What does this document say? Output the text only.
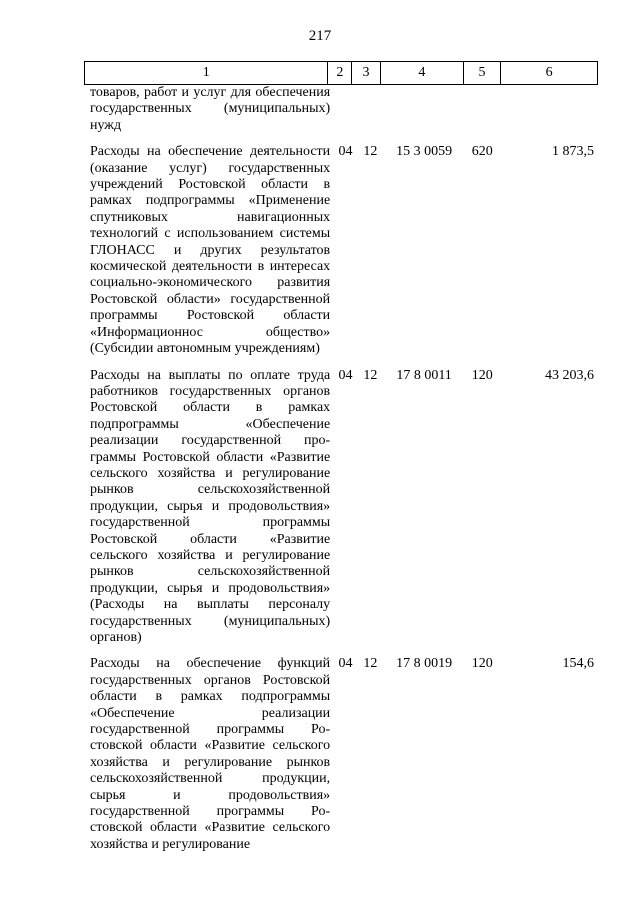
217
1	2	3	4	5	6
товаров, работ и услуг для обеспечения государственных (муниципальных) нужд					

Расходы на обеспечение деятельности (оказание услуг) государственных учреждений Ростовской области в рамках подпрограммы «Применение спутниковых навигационных технологий с использованием системы ГЛОНАСС и других результатов космической деятельности в интересах социально-экономического развития Ростовской области» государственной программы Ростовской области «Информационнос общество» (Субсидии автономным учреждениям)	04	12	15 3 0059	620	1 873,5

Расходы на выплаты по оплате труда работников государственных органов Ростовской области в рамках подпрограммы «Обеспечение реализации государственной программы Ростовской области «Развитие сельского хозяйства и регулирование рынков сельскохозяйственной продукции, сырья и продовольствия» государственной программы Ростовской области «Развитие сельского хозяйства и регулирование рынков сельскохозяйственной продукции, сырья и продовольствия» (Расходы на выплаты персоналу государственных (муниципальных) органов)	04	12	17 8 0011	120	43 203,6

Расходы на обеспечение функций государственных органов Ростовской области в рамках подпрограммы «Обеспечение реализации государственной программы Ростовской области «Развитие сельского хозяйства и регулирование рынков сельскохозяйственной продукции, сырья и продовольствия» государственной программы Ростовской области «Развитие сельского хозяйства и регулирование	04	12	17 8 0019	120	154,6
